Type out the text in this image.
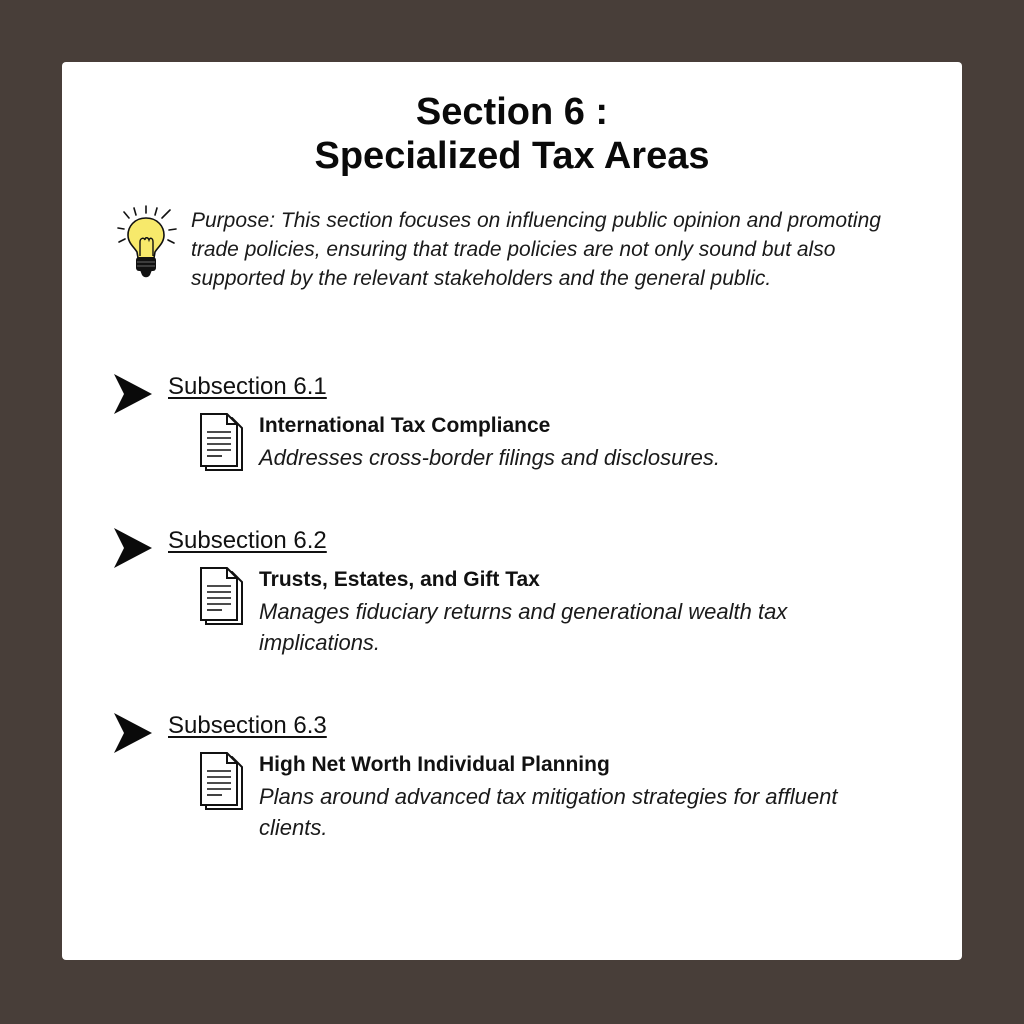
Section 6 :
Specialized Tax Areas
Purpose: This section focuses on influencing public opinion and promoting trade policies, ensuring that trade policies are not only sound but also supported by the relevant stakeholders and the general public.
Subsection 6.1
International Tax Compliance
Addresses cross-border filings and disclosures.
Subsection 6.2
Trusts, Estates, and Gift Tax
Manages fiduciary returns and generational wealth tax implications.
Subsection 6.3
High Net Worth Individual Planning
Plans around advanced tax mitigation strategies for affluent clients.
